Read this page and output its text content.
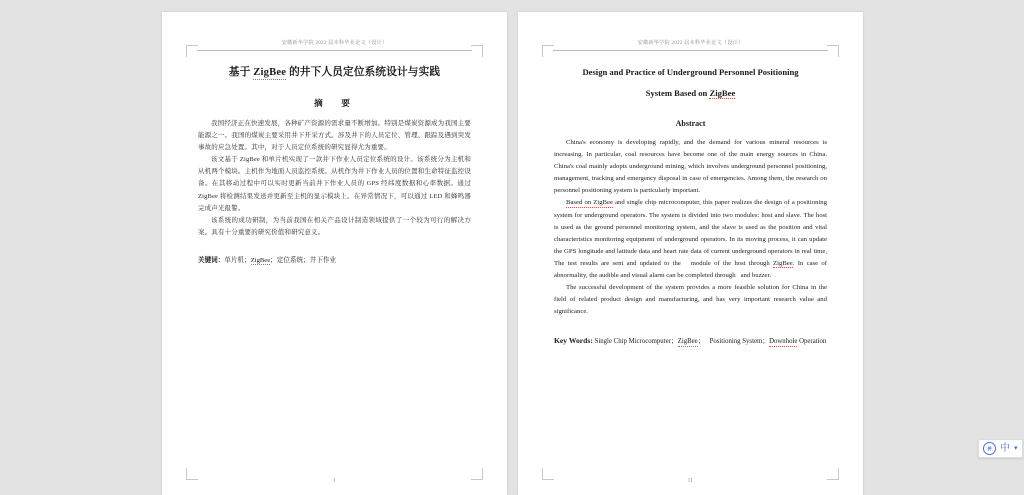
安徽新华学院 2022 届本科毕业论文（设计）
基于 ZigBee 的井下人员定位系统设计与实践
摘　要

我国经济正在快速发展，各种矿产资源的需求量不断增加。特别是煤炭资源成为我国主要能源之一。我国的煤炭主要采用井下开采方式。涉及井下的人员定位、管理、跟踪及遇到突发事故的应急处置。其中，对于人员定位系统的研究显得尤为重要。

该文基于 ZigBee 和单片机实现了一款井下作业人员定位系统的设计。该系统分为主机和从机两个模块。主机作为地面人员监控系统。从机作为井下作业人员的位置和生命特征监控设备。在其移动过程中可以实时更新当前井下作业人员的 GPS 经纬度数据和心率数据。通过 ZigBee 将检测结果发送并更新至主机的显示模块上。在异常情况下，可以通过 LED 和蜂鸣器完成声光报警。

该系统的成功研制，为当前我国在相关产品设计制造领域提供了一个较为可行的解决方案。具有十分重要的研究价值和研究意义。

关键词：单片机；ZigBee；定位系统；井下作业
I
安徽新华学院 2022 届本科毕业论文（设计）
Design and Practice of Underground Personnel Positioning
System Based on ZigBee
Abstract

China's economy is developing rapidly, and the demand for various mineral resources is increasing. In particular, coal resources have become one of the main energy sources in China. China's coal mainly adopts underground mining, which involves underground personnel positioning, management, tracking and emergency disposal in case of emergencies. Among them, the research on personnel positioning system is particularly important.

Based on ZigBee and single chip microcomputer, this paper realizes the design of a positioning system for underground operators. The system is divided into two modules: host and slave. The host is used as the ground personnel monitoring system, and the slave is used as the position and vital characteristics monitoring equipment of underground operators. In its moving process, it can update the GPS longitude and latitude data and heart rate data of current underground operators in real time, The test results are sent and updated to the   module of the host through ZigBee. In case of abnormality, the audible and visual alarm can be completed through   and buzzer.

The successful development of the system provides a more feasible solution for China in the field of related product design and manufacturing, and has very important research value and significance.

Key Words: Single Chip Microcomputer；ZigBee；   Positioning System；Downhole Operation
II
拼 中 ▾
